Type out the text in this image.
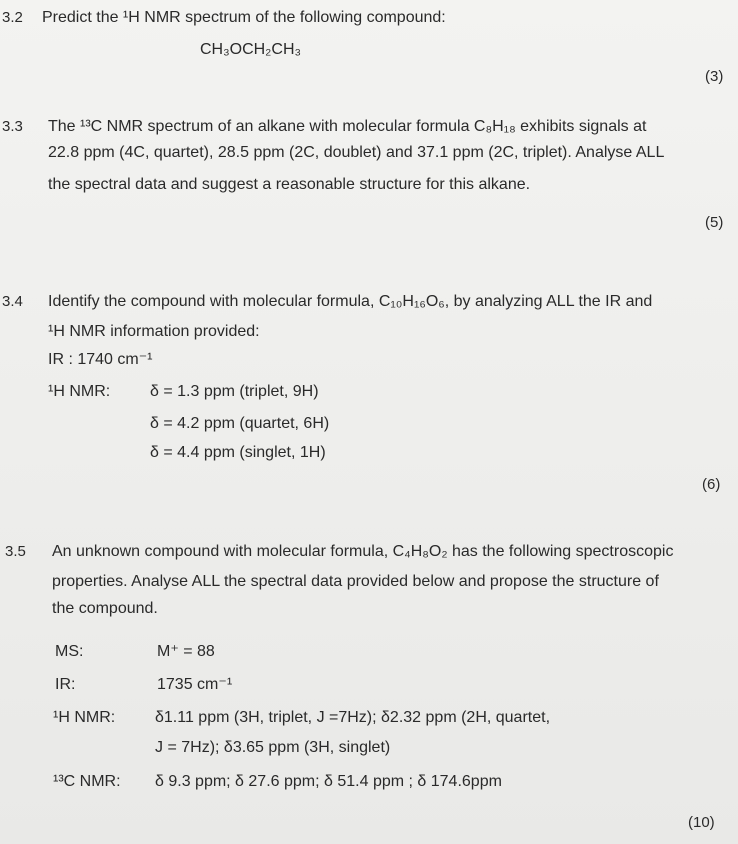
3.2 Predict the ¹H NMR spectrum of the following compound:
CH₃OCH₂CH₃
(3)
3.3 The ¹³C NMR spectrum of an alkane with molecular formula C₈H₁₈ exhibits signals at
22.8 ppm (4C, quartet), 28.5 ppm (2C, doublet) and 37.1 ppm (2C, triplet). Analyse ALL
the spectral data and suggest a reasonable structure for this alkane.
(5)
3.4 Identify the compound with molecular formula, C₁₀H₁₆O₆, by analyzing ALL the IR and
¹H NMR information provided:
IR : 1740 cm⁻¹
¹H NMR: δ = 1.3 ppm (triplet, 9H)
δ = 4.2 ppm (quartet, 6H)
δ = 4.4 ppm (singlet, 1H)
(6)
3.5 An unknown compound with molecular formula, C₄H₈O₂ has the following spectroscopic
properties. Analyse ALL the spectral data provided below and propose the structure of
the compound.
MS:	M⁺ = 88
IR:	1735 cm⁻¹
¹H NMR: δ1.11 ppm (3H, triplet, J =7Hz); δ2.32 ppm (2H, quartet,
J = 7Hz); δ3.65 ppm (3H, singlet)
¹³C NMR: δ 9.3 ppm; δ 27.6 ppm; δ 51.4 ppm ; δ 174.6ppm
(10)
